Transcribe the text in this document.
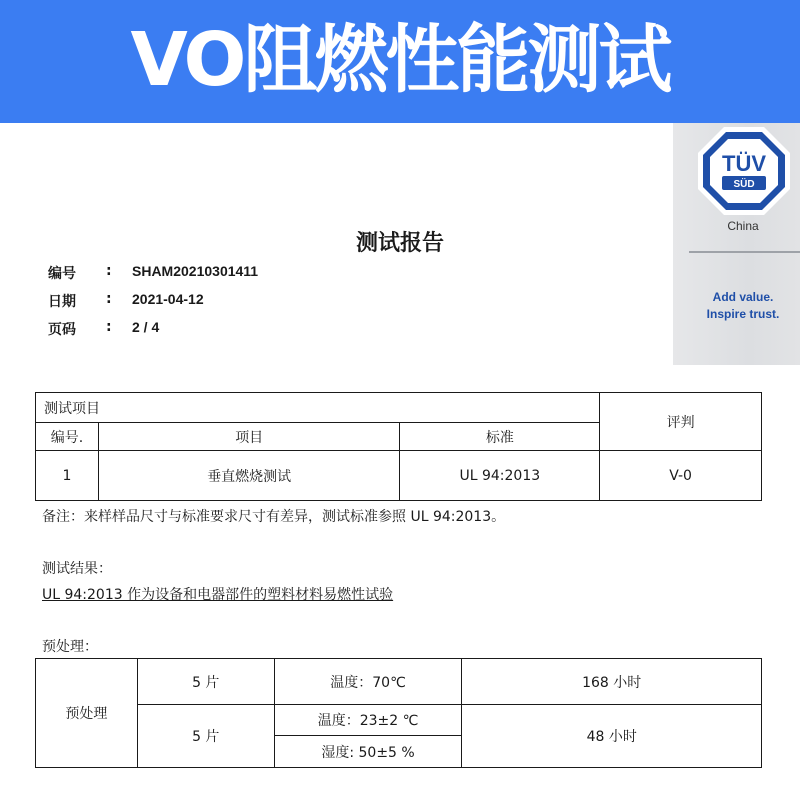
VO阻燃性能测试
TÜV
SÜD
China
Add value.
Inspire trust.
测试报告
编号	: SHAM20210301411
日期	: 2021-04-12
页码	: 2 / 4
测试项目			评判
编号.	项目	标准	
1	垂直燃烧测试	UL 94:2013	V-0
备注：来样样品尺寸与标准要求尺寸有差异，测试标准参照 UL 94:2013。
测试结果：
UL 94:2013 作为设备和电器部件的塑料材料易燃性试验
预处理：
预处理	5 片	温度：70℃	168 小时
	5 片	温度：23±2 ℃	48 小时
		湿度: 50±5 %	
